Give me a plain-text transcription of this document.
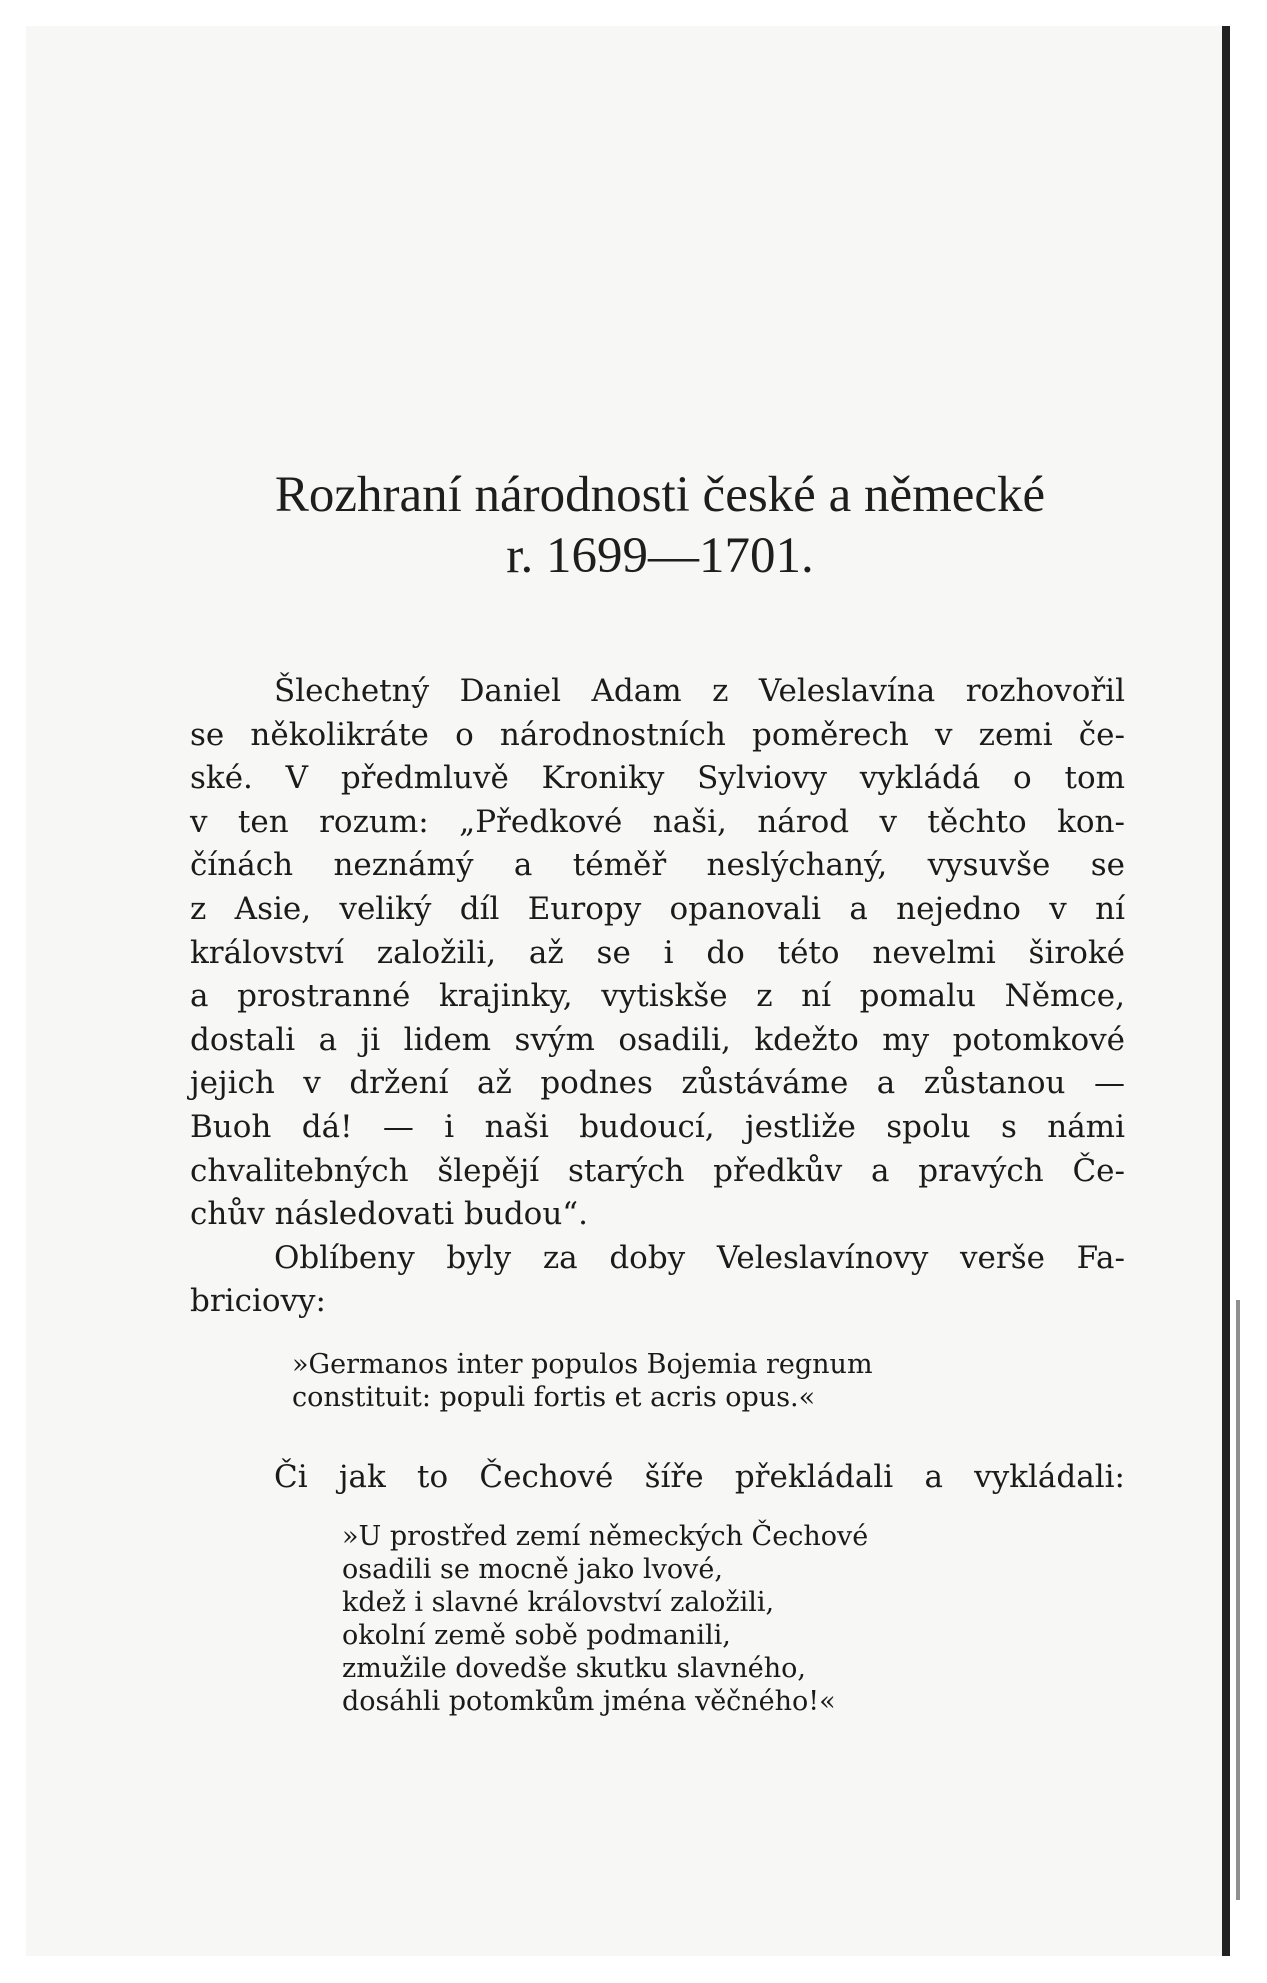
Rozhraní národnosti české a německé
r. 1699—1701.
Šlechetný Daniel Adam z Veleslavína rozhovořil
se několikráte o národnostních poměrech v zemi če-
ské. V předmluvě Kroniky Sylviovy vykládá o tom
v ten rozum: „Předkové naši, národ v těchto kon-
čínách neznámý a téměř neslýchaný, vysuvše se
z Asie, veliký díl Europy opanovali a nejedno v ní
království založili, až se i do této nevelmi široké
a prostranné krajinky, vytiskše z ní pomalu Němce,
dostali a ji lidem svým osadili, kdežto my potomkové
jejich v držení až podnes zůstáváme a zůstanou —
Buoh dá! — i naši budoucí, jestliže spolu s námi
chvalitebných šlepějí starých předkův a pravých Če-
chův následovati budou“.
Oblíbeny byly za doby Veleslavínovy verše Fa-
briciovy:
»Germanos inter populos Bojemia regnum
constituit: populi fortis et acris opus.«
Či jak to Čechové šíře překládali a vykládali:
»U prostřed zemí německých Čechové
osadili se mocně jako lvové,
kdež i slavné království založili,
okolní země sobě podmanili,
zmužile dovedše skutku slavného,
dosáhli potomkům jména věčného!«
